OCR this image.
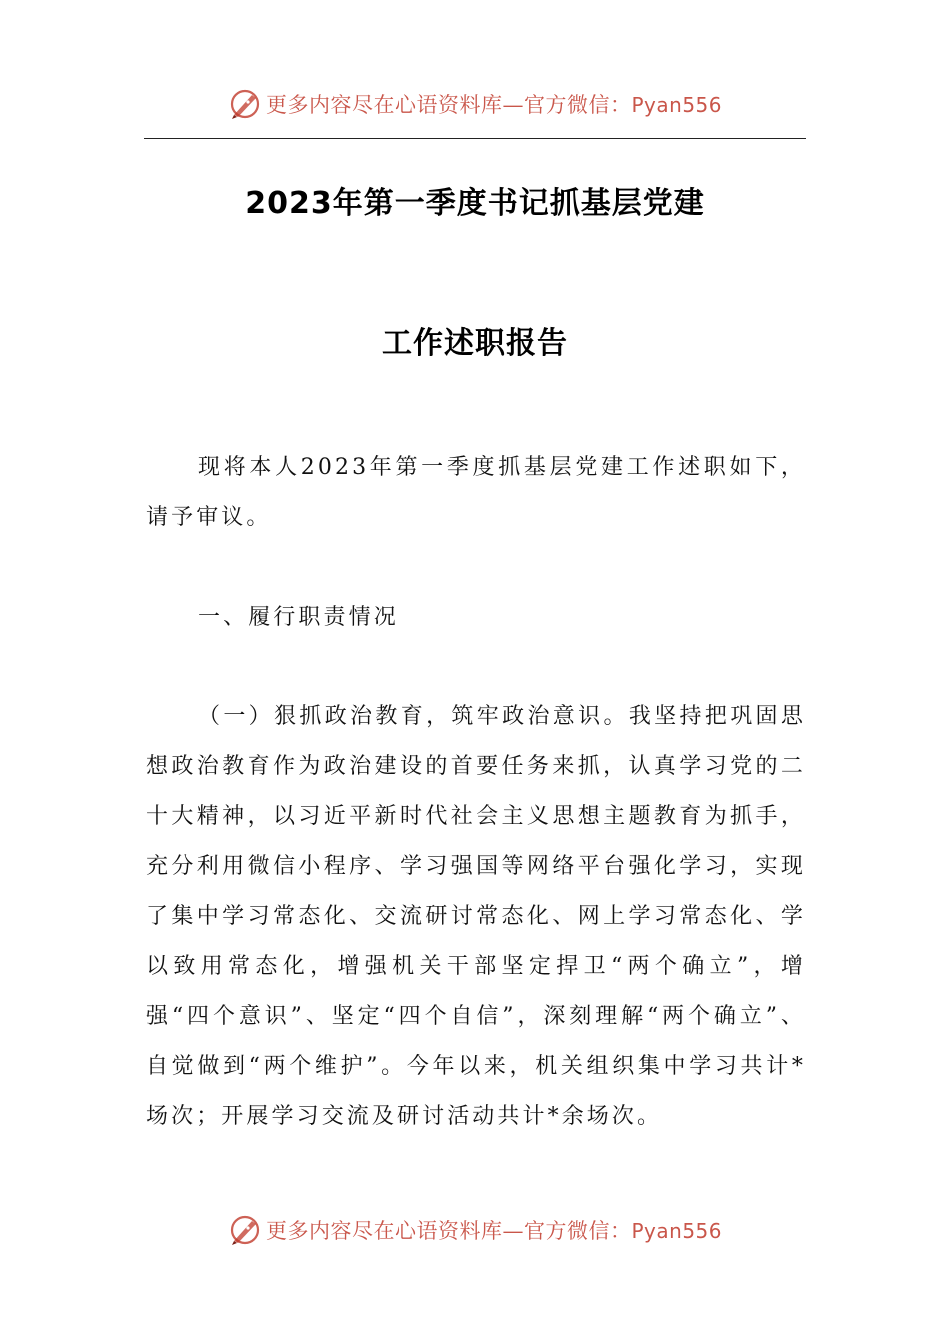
更多内容尽在心语资料库—官方微信：Pyan556
2023年第一季度书记抓基层党建
工作述职报告
现将本人2023年第一季度抓基层党建工作述职如下，请予审议。
一、履行职责情况
（一）狠抓政治教育，筑牢政治意识。我坚持把巩固思想政治教育作为政治建设的首要任务来抓，认真学习党的二十大精神，以习近平新时代社会主义思想主题教育为抓手，充分利用微信小程序、学习强国等网络平台强化学习，实现了集中学习常态化、交流研讨常态化、网上学习常态化、学以致用常态化，增强机关干部坚定捍卫“两个确立”，增强“四个意识”、坚定“四个自信”，深刻理解“两个确立”、自觉做到“两个维护”。今年以来，机关组织集中学习共计*场次；开展学习交流及研讨活动共计*余场次。
更多内容尽在心语资料库—官方微信：Pyan556
